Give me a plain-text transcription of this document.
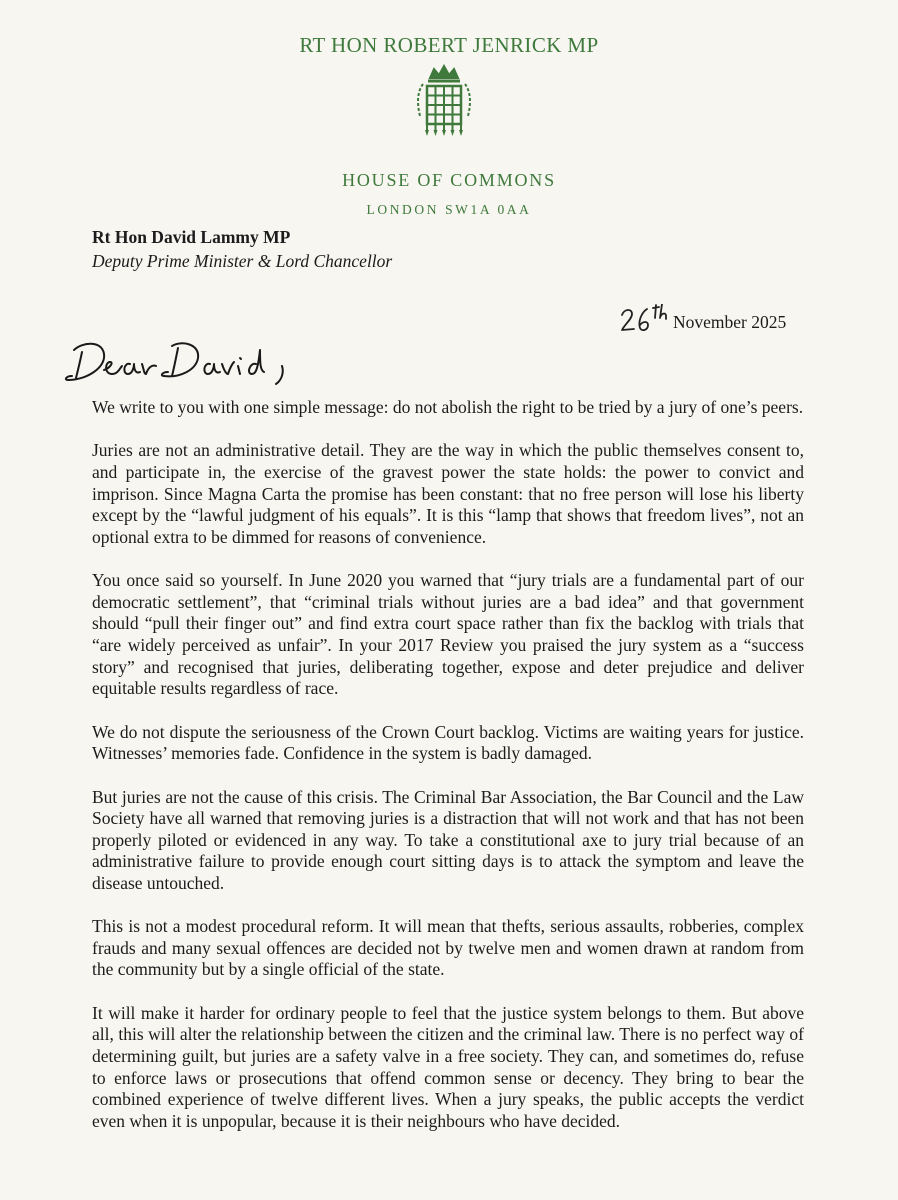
RT HON ROBERT JENRICK MP
HOUSE OF COMMONS
LONDON SW1A 0AA
Rt Hon David Lammy MP
Deputy Prime Minister & Lord Chancellor
November 2025

We write to you with one simple message: do not abolish the right to be tried by a jury of one’s peers.

Juries are not an administrative detail. They are the way in which the public themselves consent to, and participate in, the exercise of the gravest power the state holds: the power to convict and imprison. Since Magna Carta the promise has been constant: that no free person will lose his liberty except by the “lawful judgment of his equals”. It is this “lamp that shows that freedom lives”, not an optional extra to be dimmed for reasons of convenience.

You once said so yourself. In June 2020 you warned that “jury trials are a fundamental part of our democratic settlement”, that “criminal trials without juries are a bad idea” and that government should “pull their finger out” and find extra court space rather than fix the backlog with trials that “are widely perceived as unfair”. In your 2017 Review you praised the jury system as a “success story” and recognised that juries, deliberating together, expose and deter prejudice and deliver equitable results regardless of race.

We do not dispute the seriousness of the Crown Court backlog. Victims are waiting years for justice. Witnesses’ memories fade. Confidence in the system is badly damaged.

But juries are not the cause of this crisis. The Criminal Bar Association, the Bar Council and the Law Society have all warned that removing juries is a distraction that will not work and that has not been properly piloted or evidenced in any way. To take a constitutional axe to jury trial because of an administrative failure to provide enough court sitting days is to attack the symptom and leave the disease untouched.

This is not a modest procedural reform. It will mean that thefts, serious assaults, robberies, complex frauds and many sexual offences are decided not by twelve men and women drawn at random from the community but by a single official of the state.

It will make it harder for ordinary people to feel that the justice system belongs to them. But above all, this will alter the relationship between the citizen and the criminal law. There is no perfect way of determining guilt, but juries are a safety valve in a free society. They can, and sometimes do, refuse to enforce laws or prosecutions that offend common sense or decency. They bring to bear the combined experience of twelve different lives. When a jury speaks, the public accepts the verdict even when it is unpopular, because it is their neighbours who have decided.
